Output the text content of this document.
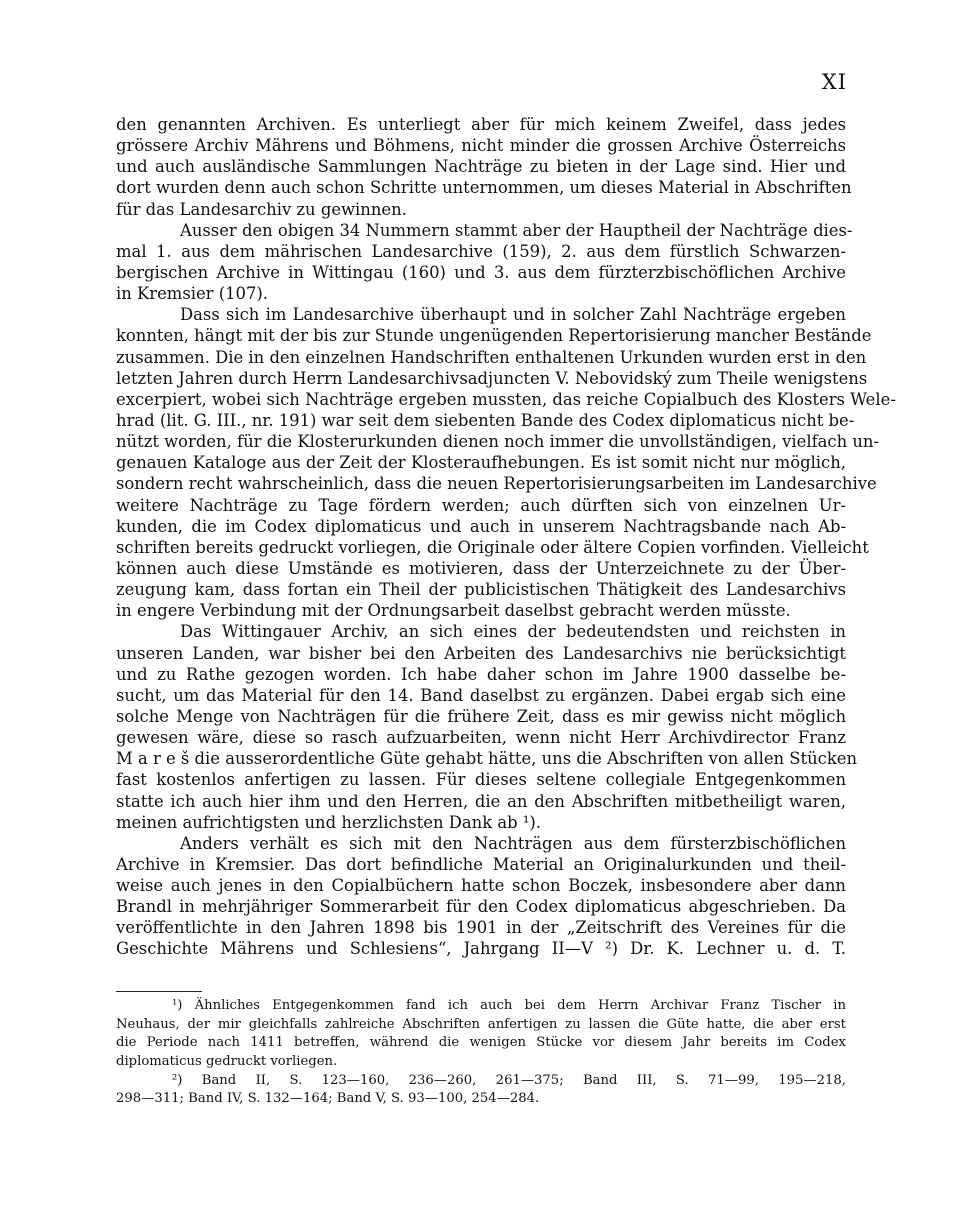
XI
den genannten Archiven. Es unterliegt aber für mich keinem Zweifel, dass jedes
grössere Archiv Mährens und Böhmens, nicht minder die grossen Archive Österreichs
und auch ausländische Sammlungen Nachträge zu bieten in der Lage sind. Hier und
dort wurden denn auch schon Schritte unternommen, um dieses Material in Abschriften
für das Landesarchiv zu gewinnen.
Ausser den obigen 34 Nummern stammt aber der Hauptheil der Nachträge dies-
mal 1. aus dem mährischen Landesarchive (159), 2. aus dem fürstlich Schwarzen-
bergischen Archive in Wittingau (160) und 3. aus dem fürzterzbischöflichen Archive
in Kremsier (107).
Dass sich im Landesarchive überhaupt und in solcher Zahl Nachträge ergeben
konnten, hängt mit der bis zur Stunde ungenügenden Repertorisierung mancher Bestände
zusammen. Die in den einzelnen Handschriften enthaltenen Urkunden wurden erst in den
letzten Jahren durch Herrn Landesarchivsadjuncten V. Nebovidský zum Theile wenigstens
excerpiert, wobei sich Nachträge ergeben mussten, das reiche Copialbuch des Klosters Wele-
hrad (lit. G. III., nr. 191) war seit dem siebenten Bande des Codex diplomaticus nicht be-
nützt worden, für die Klosterurkunden dienen noch immer die unvollständigen, vielfach un-
genauen Kataloge aus der Zeit der Klosteraufhebungen. Es ist somit nicht nur möglich,
sondern recht wahrscheinlich, dass die neuen Repertorisierungsarbeiten im Landesarchive
weitere Nachträge zu Tage fördern werden; auch dürften sich von einzelnen Ur-
kunden, die im Codex diplomaticus und auch in unserem Nachtragsbande nach Ab-
schriften bereits gedruckt vorliegen, die Originale oder ältere Copien vorfinden. Vielleicht
können auch diese Umstände es motivieren, dass der Unterzeichnete zu der Über-
zeugung kam, dass fortan ein Theil der publicistischen Thätigkeit des Landesarchivs
in engere Verbindung mit der Ordnungsarbeit daselbst gebracht werden müsste.
Das Wittingauer Archiv, an sich eines der bedeutendsten und reichsten in
unseren Landen, war bisher bei den Arbeiten des Landesarchivs nie berücksichtigt
und zu Rathe gezogen worden. Ich habe daher schon im Jahre 1900 dasselbe be-
sucht, um das Material für den 14. Band daselbst zu ergänzen. Dabei ergab sich eine
solche Menge von Nachträgen für die frühere Zeit, dass es mir gewiss nicht möglich
gewesen wäre, diese so rasch aufzuarbeiten, wenn nicht Herr Archivdirector Franz
M a r e š die ausserordentliche Güte gehabt hätte, uns die Abschriften von allen Stücken
fast kostenlos anfertigen zu lassen. Für dieses seltene collegiale Entgegenkommen
statte ich auch hier ihm und den Herren, die an den Abschriften mitbetheiligt waren,
meinen aufrichtigsten und herzlichsten Dank ab ¹).
Anders verhält es sich mit den Nachträgen aus dem fürsterzbischöflichen
Archive in Kremsier. Das dort befindliche Material an Originalurkunden und theil-
weise auch jenes in den Copialbüchern hatte schon Boczek, insbesondere aber dann
Brandl in mehrjähriger Sommerarbeit für den Codex diplomaticus abgeschrieben. Da
veröffentlichte in den Jahren 1898 bis 1901 in der „Zeitschrift des Vereines für die
Geschichte Mährens und Schlesiens“, Jahrgang II—V ²) Dr. K. Lechner u. d. T.
¹) Ähnliches Entgegenkommen fand ich auch bei dem Herrn Archivar Franz Tischer in
Neuhaus, der mir gleichfalls zahlreiche Abschriften anfertigen zu lassen die Güte hatte, die aber erst
die Periode nach 1411 betreffen, während die wenigen Stücke vor diesem Jahr bereits im Codex
diplomaticus gedruckt vorliegen.
²) Band II, S. 123—160, 236—260, 261—375; Band III, S. 71—99, 195—218,
298—311; Band IV, S. 132—164; Band V, S. 93—100, 254—284.
